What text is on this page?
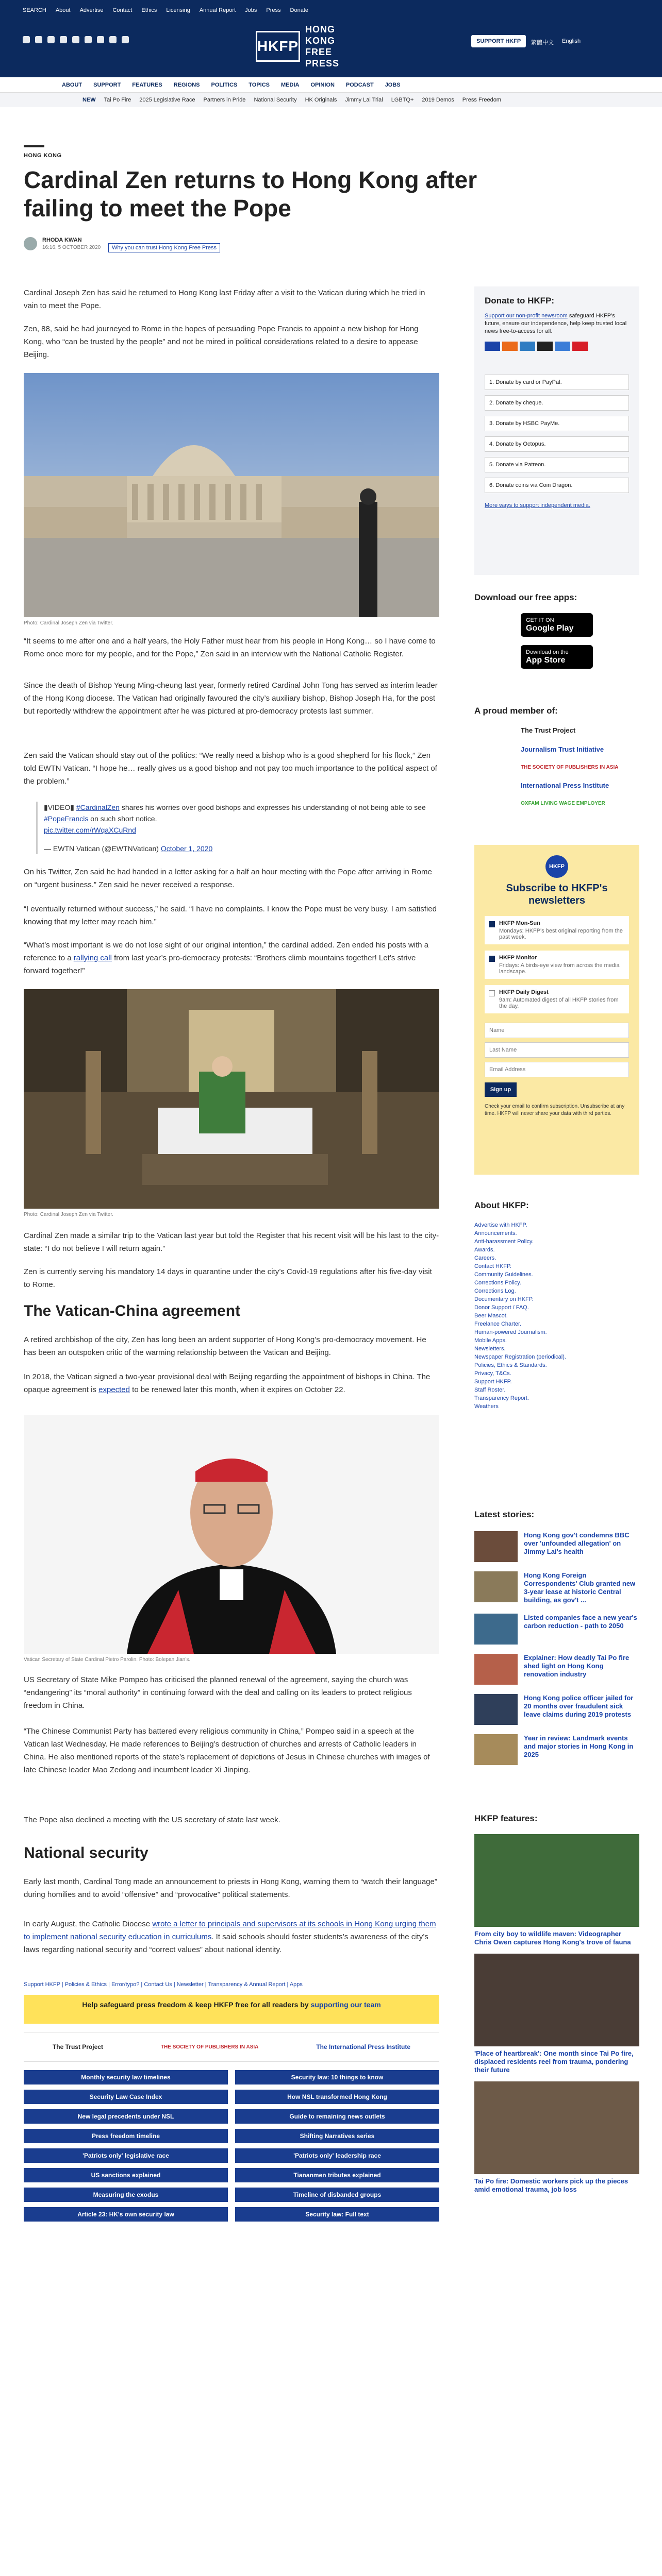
SEARCH About Advertise Contact Ethics Licensing Annual Report Jobs Press Donate
HKFP
HONG KONG FREE PRESS
SUPPORT HKFP	繁體中文 English
ABOUT SUPPORT FEATURES REGIONS POLITICS TOPICS MEDIA OPINION PODCAST JOBS
NEW Tai Po Fire 2025 Legislative Race Partners in Pride National Security HK Originals Jimmy Lai Trial LGBTQ+ 2019 Demos Press Freedom
HONG KONG
Cardinal Zen returns to Hong Kong after failing to meet the Pope
RHODA KWAN
16:16, 5 OCTOBER 2020	Why you can trust Hong Kong Free Press
Cardinal Joseph Zen has said he returned to Hong Kong last Friday after a visit to the Vatican during which he tried in vain to meet the Pope.
Zen, 88, said he had journeyed to Rome in the hopes of persuading Pope Francis to appoint a new bishop for Hong Kong, who “can be trusted by the people” and not be mired in political considerations related to a desire to appease Beijing.
Photo: Cardinal Joseph Zen via Twitter.
“It seems to me after one and a half years, the Holy Father must hear from his people in Hong Kong… so I have come to Rome once more for my people, and for the Pope,” Zen said in an interview with the National Catholic Register.
Since the death of Bishop Yeung Ming-cheung last year, formerly retired Cardinal John Tong has served as interim leader of the Hong Kong diocese. The Vatican had originally favoured the city’s auxiliary bishop, Bishop Joseph Ha, for the post but reportedly withdrew the appointment after he was pictured at pro-democracy protests last summer.
Zen said the Vatican should stay out of the politics: “We really need a bishop who is a good shepherd for his flock,” Zen told EWTN Vatican. “I hope he… really gives us a good bishop and not pay too much importance to the political aspect of the problem.”
▮VIDEO▮ #CardinalZen shares his worries over good bishops and expresses his understanding of not being able to see #PopeFrancis on such short notice.
pic.twitter.com/rWqaXCuRnd
— EWTN Vatican (@EWTNVatican) October 1, 2020
On his Twitter, Zen said he had handed in a letter asking for a half an hour meeting with the Pope after arriving in Rome on “urgent business.” Zen said he never received a response.
“I eventually returned without success,” he said. “I have no complaints. I know the Pope must be very busy. I am satisfied knowing that my letter may reach him.”
“What’s most important is we do not lose sight of our original intention,” the cardinal added. Zen ended his posts with a reference to a rallying call from last year’s pro-democracy protests: “Brothers climb mountains together! Let’s strive forward together!”
Photo: Cardinal Joseph Zen via Twitter.
Cardinal Zen made a similar trip to the Vatican last year but told the Register that his recent visit will be his last to the city-state: “I do not believe I will return again.”
Zen is currently serving his mandatory 14 days in quarantine under the city’s Covid-19 regulations after his five-day visit to Rome.
The Vatican-China agreement
A retired archbishop of the city, Zen has long been an ardent supporter of Hong Kong’s pro-democracy movement. He has been an outspoken critic of the warming relationship between the Vatican and Beijing.
In 2018, the Vatican signed a two-year provisional deal with Beijing regarding the appointment of bishops in China. The opaque agreement is expected to be renewed later this month, when it expires on October 22.
Vatican Secretary of State Cardinal Pietro Parolin. Photo: Bolepan Jian’s.
US Secretary of State Mike Pompeo has criticised the planned renewal of the agreement, saying the church was “endangering” its “moral authority” in continuing forward with the deal and calling on its leaders to protect religious freedom in China.
“The Chinese Communist Party has battered every religious community in China,” Pompeo said in a speech at the Vatican last Wednesday. He made references to Beijing’s destruction of churches and arrests of Catholic leaders in China. He also mentioned reports of the state’s replacement of depictions of Jesus in Chinese churches with images of late Chinese leader Mao Zedong and incumbent leader Xi Jinping.
The Pope also declined a meeting with the US secretary of state last week.
National security
Early last month, Cardinal Tong made an announcement to priests in Hong Kong, warning them to “watch their language” during homilies and to avoid “offensive” and “provocative” political statements.
In early August, the Catholic Diocese wrote a letter to principals and supervisors at its schools in Hong Kong urging them to implement national security education in curriculums. It said schools should foster students’s awareness of the city’s laws regarding national security and “correct values” about national identity.
Support HKFP | Policies & Ethics | Error/typo? | Contact Us | Newsletter | Transparency & Annual Report | Apps
Help safeguard press freedom & keep HKFP free for all readers by supporting our team
The Trust Project	THE SOCIETY OF PUBLISHERS IN ASIA	The International Press Institute
Monthly security law timelines	Security law: 10 things to know
Security Law Case Index	How NSL transformed Hong Kong
New legal precedents under NSL	Guide to remaining news outlets
Press freedom timeline	Shifting Narratives series
'Patriots only' legislative race	'Patriots only' leadership race
US sanctions explained	Tiananmen tributes explained
Measuring the exodus	Timeline of disbanded groups
Article 23: HK's own security law	Security law: Full text
Donate to HKFP:
Support our non-profit newsroom safeguard HKFP's future, ensure our independence, help keep trusted local news free-to-access for all.
1. Donate by card or PayPal.
2. Donate by cheque.
3. Donate by HSBC PayMe.
4. Donate by Octopus.
5. Donate via Patreon.
6. Donate coins via Coin Dragon.
More ways to support independent media.
Download our free apps:
GET IT ON
Google Play
Download on the
App Store
A proud member of:
The Trust Project
Journalism Trust Initiative
THE SOCIETY OF PUBLISHERS IN ASIA
International Press Institute
OXFAM LIVING WAGE EMPLOYER
HKFP
Subscribe to HKFP's newsletters
HKFP Mon-Sun
Mondays: HKFP's best original reporting from the past week.
HKFP Monitor
Fridays: A birds-eye view from across the media landscape.
HKFP Daily Digest
9am: Automated digest of all HKFP stories from the day.
Name
Last Name
Email Address
Sign up
Check your email to confirm subscription. Unsubscribe at any time. HKFP will never share your data with third parties.
About HKFP:
Advertise with HKFP.
Announcements.
Anti-harassment Policy.
Awards.
Careers.
Contact HKFP.
Community Guidelines.
Corrections Policy.
Corrections Log.
Documentary on HKFP.
Donor Support / FAQ.
Beer Mascot.
Freelance Charter.
Human-powered Journalism.
Mobile Apps.
Newsletters.
Newspaper Registration (periodical).
Policies, Ethics & Standards.
Privacy, T&Cs.
Support HKFP.
Staff Roster.
Transparency Report.
Weathers
Latest stories:
Hong Kong gov't condemns BBC over 'unfounded allegation' on Jimmy Lai's health
Hong Kong Foreign Correspondents' Club granted new 3-year lease at historic Central building, as gov't ...
Listed companies face a new year's carbon reduction - path to 2050
Explainer: How deadly Tai Po fire shed light on Hong Kong renovation industry
Hong Kong police officer jailed for 20 months over fraudulent sick leave claims during 2019 protests
Year in review: Landmark events and major stories in Hong Kong in 2025
HKFP features:
From city boy to wildlife maven: Videographer Chris Owen captures Hong Kong's trove of fauna
'Place of heartbreak': One month since Tai Po fire, displaced residents reel from trauma, pondering their future
Tai Po fire: Domestic workers pick up the pieces amid emotional trauma, job loss
